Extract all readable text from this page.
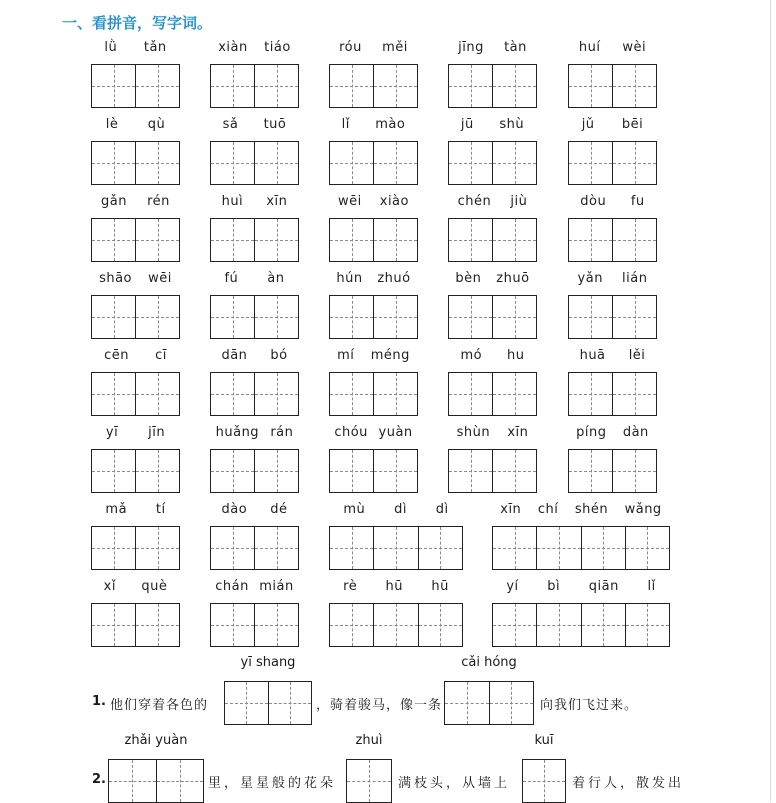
一、看拼音，写字词。
lǜ tǎn	xiàn tiáo	róu měi	jīng tàn	huí wèi
lè qù	sǎ tuō	lǐ mào	jū shù	jǔ bēi
gǎn rén	huì xīn	wēi xiào	chén jiù	dòu fu
shāo wēi	fú àn	hún zhuó	bèn zhuō	yǎn lián
cēn cī	dān bó	mí méng	mó hu	huā lěi
yī jīn	huǎng rán	chóu yuàn	shùn xīn	píng dàn
mǎ tí	dào dé	mù dì dì	xīn chí shén wǎng
xǐ què	chán mián	rè hū hū	yí bì qiān lǐ
yī shang	cǎi hóng
1. 他们穿着各色的	，骑着骏马，像一条	向我们飞过来。
zhǎi yuàn	zhuì	kuī
2.	里，星星般的花朵	满枝头，从墙上	着行人，散发出
